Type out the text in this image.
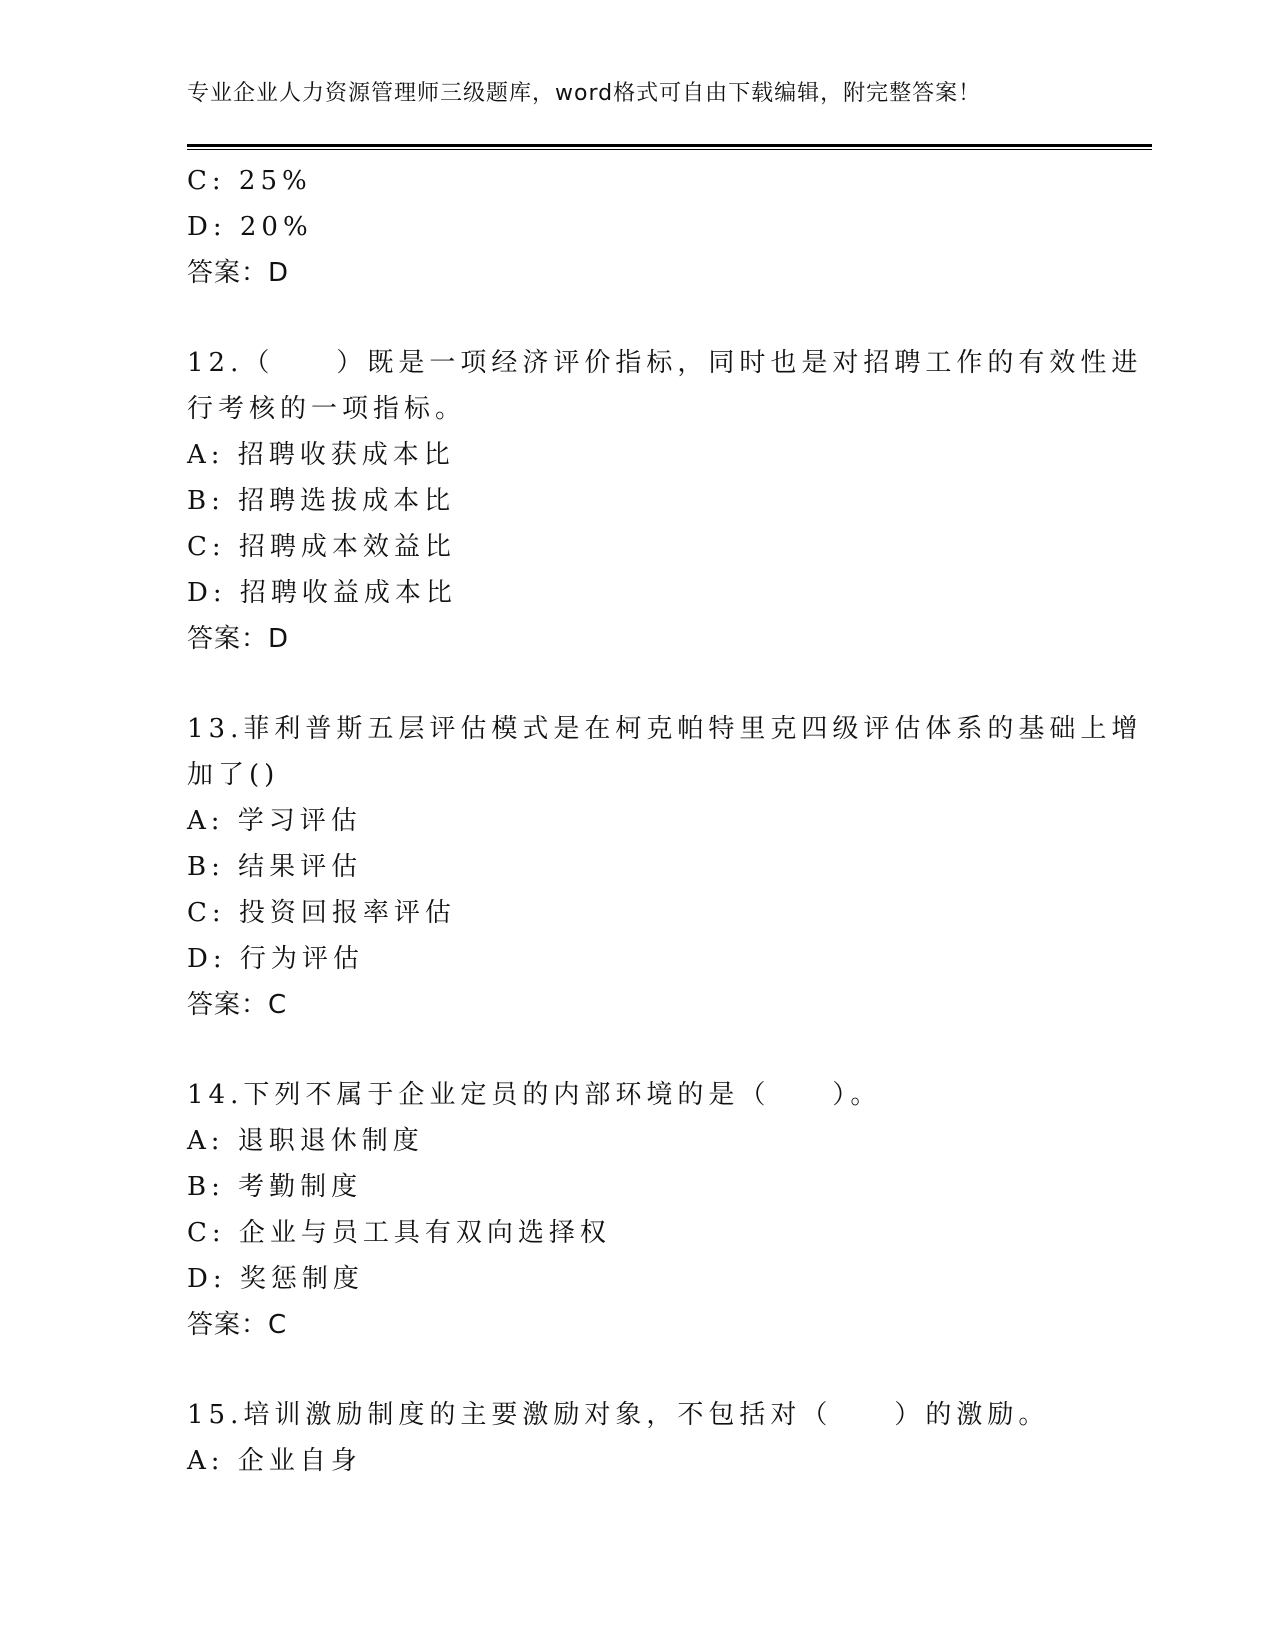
专业企业人力资源管理师三级题库，word格式可自由下载编辑，附完整答案！
C: 25%
D: 20%
答案：D
12.（　　）既是一项经济评价指标，同时也是对招聘工作的有效性进
行考核的一项指标。
A: 招聘收获成本比
B: 招聘选拔成本比
C: 招聘成本效益比
D: 招聘收益成本比
答案：D
13.菲利普斯五层评估模式是在柯克帕特里克四级评估体系的基础上增
加了()
A: 学习评估
B: 结果评估
C: 投资回报率评估
D: 行为评估
答案：C
14.下列不属于企业定员的内部环境的是（　　）。
A: 退职退休制度
B: 考勤制度
C: 企业与员工具有双向选择权
D: 奖惩制度
答案：C
15.培训激励制度的主要激励对象，不包括对（　　）的激励。
A: 企业自身
